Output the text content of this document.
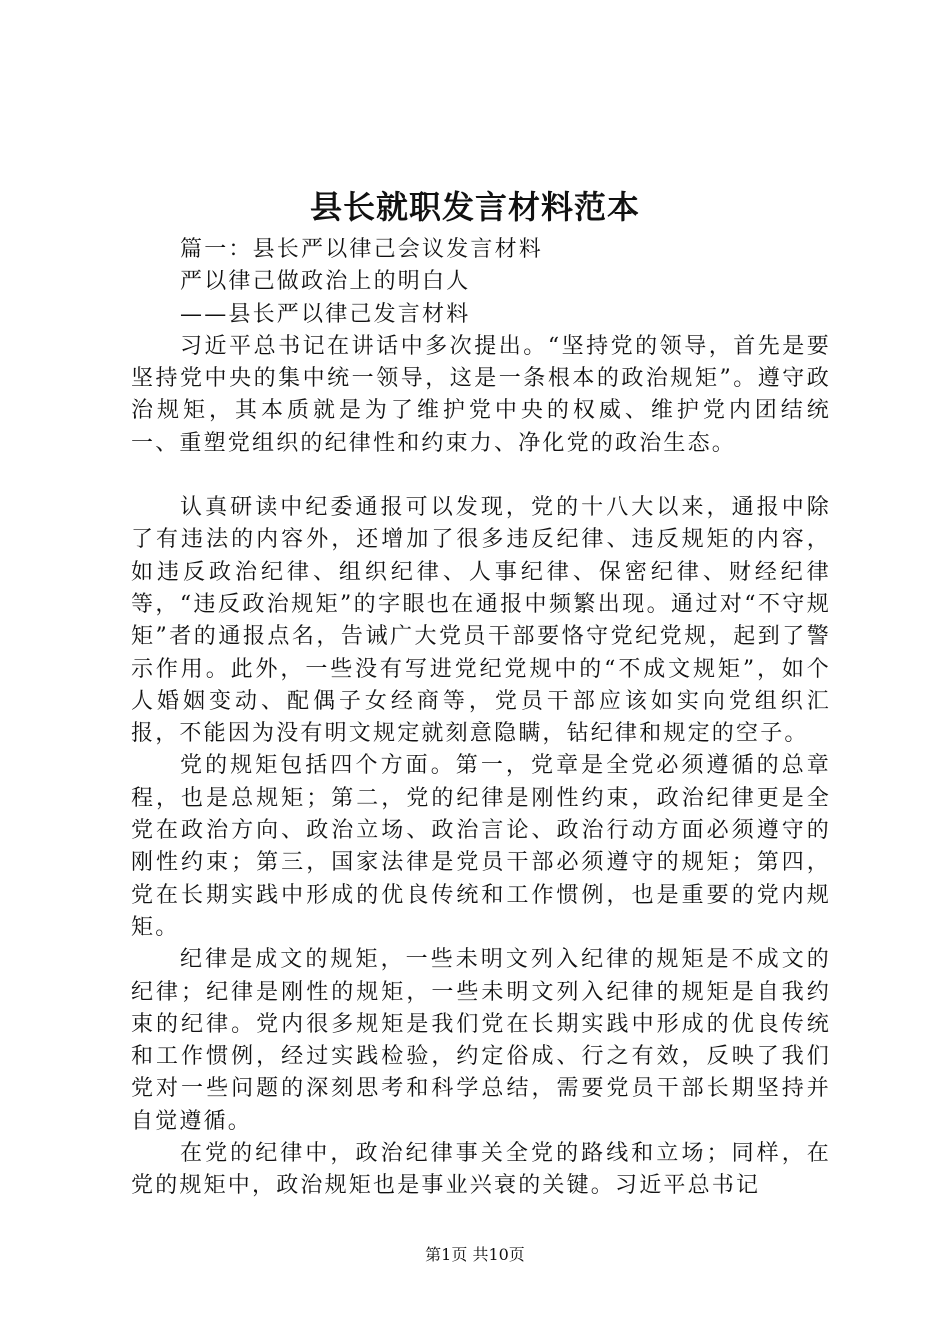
县长就职发言材料范本

篇一：县长严以律己会议发言材料

严以律己做政治上的明白人

——县长严以律己发言材料

习近平总书记在讲话中多次提出。“坚持党的领导，首先是要坚持党中央的集中统一领导，这是一条根本的政治规矩”。遵守政治规矩，其本质就是为了维护党中央的权威、维护党内团结统一、重塑党组织的纪律性和约束力、净化党的政治生态。

认真研读中纪委通报可以发现，党的十八大以来，通报中除了有违法的内容外，还增加了很多违反纪律、违反规矩的内容，如违反政治纪律、组织纪律、人事纪律、保密纪律、财经纪律等，“违反政治规矩”的字眼也在通报中频繁出现。通过对“不守规矩”者的通报点名，告诫广大党员干部要恪守党纪党规，起到了警示作用。此外，一些没有写进党纪党规中的“不成文规矩”，如个人婚姻变动、配偶子女经商等，党员干部应该如实向党组织汇报，不能因为没有明文规定就刻意隐瞒，钻纪律和规定的空子。

党的规矩包括四个方面。第一，党章是全党必须遵循的总章程，也是总规矩；第二，党的纪律是刚性约束，政治纪律更是全党在政治方向、政治立场、政治言论、政治行动方面必须遵守的刚性约束；第三，国家法律是党员干部必须遵守的规矩；第四，党在长期实践中形成的优良传统和工作惯例，也是重要的党内规矩。

纪律是成文的规矩，一些未明文列入纪律的规矩是不成文的纪律；纪律是刚性的规矩，一些未明文列入纪律的规矩是自我约束的纪律。党内很多规矩是我们党在长期实践中形成的优良传统和工作惯例，经过实践检验，约定俗成、行之有效，反映了我们党对一些问题的深刻思考和科学总结，需要党员干部长期坚持并自觉遵循。

在党的纪律中，政治纪律事关全党的路线和立场；同样，在党的规矩中，政治规矩也是事业兴衰的关键。习近平总书记

第1页 共10页
